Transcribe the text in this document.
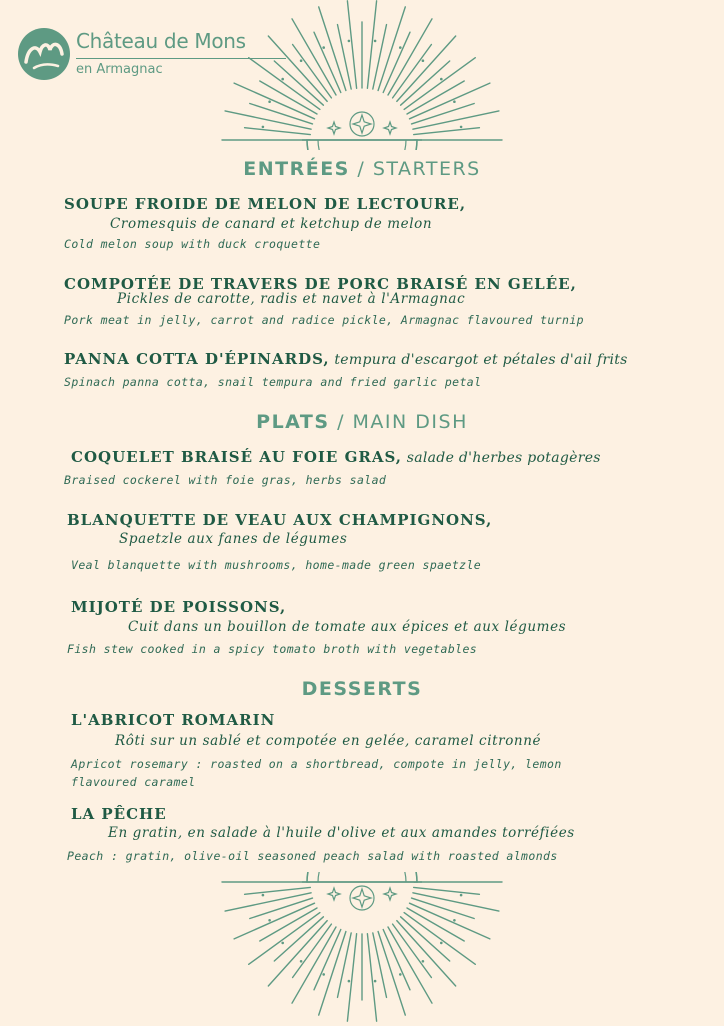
Château de Mons
en Armagnac
ENTRÉES / STARTERS
SOUPE FROIDE DE MELON DE LECTOURE,
Cromesquis de canard et ketchup de melon
Cold melon soup with duck croquette
COMPOTÉE DE TRAVERS DE PORC BRAISÉ EN GELÉE,
Pickles de carotte, radis et navet à l'Armagnac
Pork meat in jelly, carrot and radice pickle, Armagnac flavoured turnip
PANNA COTTA D'ÉPINARDS, tempura d'escargot et pétales d'ail frits
Spinach panna cotta, snail tempura and fried garlic petal
PLATS / MAIN DISH
COQUELET BRAISÉ AU FOIE GRAS, salade d'herbes potagères
Braised cockerel with foie gras, herbs salad
BLANQUETTE DE VEAU AUX CHAMPIGNONS,
Spaetzle aux fanes de légumes
Veal blanquette with mushrooms, home-made green spaetzle
MIJOTÉ DE POISSONS,
Cuit dans un bouillon de tomate aux épices et aux légumes
Fish stew cooked in a spicy tomato broth with vegetables
DESSERTS
L'ABRICOT ROMARIN
Rôti sur un sablé et compotée en gelée, caramel citronné
Apricot rosemary : roasted on a shortbread, compote in jelly, lemon flavoured caramel
LA PÊCHE
En gratin, en salade à l'huile d'olive et aux amandes torréfiées
Peach : gratin, olive-oil seasoned peach salad with roasted almonds
